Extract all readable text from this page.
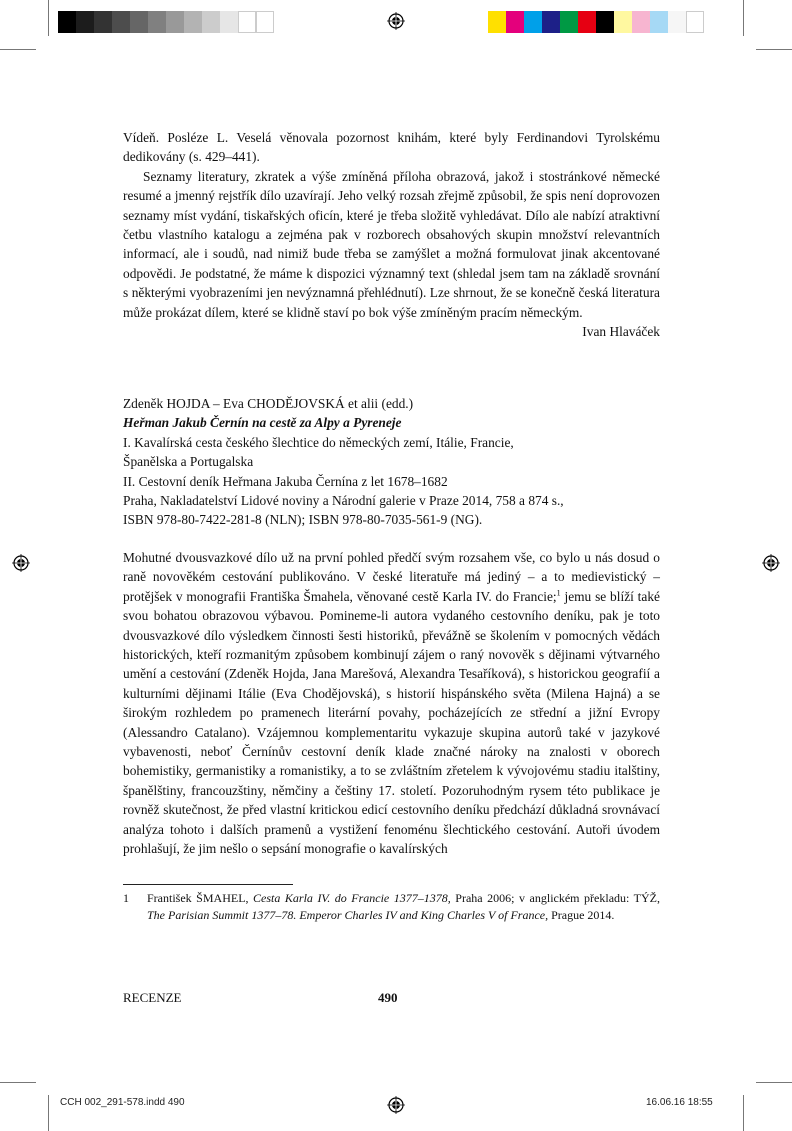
Vídeň. Posléze L. Veselá věnovala pozornost knihám, které byly Ferdinandovi Tyrolskému dedikovány (s. 429–441).

Seznamy literatury, zkratek a výše zmíněná příloha obrazová, jakož i stostránkové německé resumé a jmenný rejstřík dílo uzavírají. Jeho velký rozsah zřejmě způsobil, že spis není doprovozen seznamy míst vydání, tiskařských oficín, které je třeba složitě vyhledávat. Dílo ale nabízí atraktivní četbu vlastního katalogu a zejména pak v rozborech obsahových skupin množství relevantních informací, ale i soudů, nad nimiž bude třeba se zamýšlet a možná formulovat jinak akcentované odpovědi. Je podstatné, že máme k dispozici významný text (shledal jsem tam na základě srovnání s některými vyobrazeními jen nevýznamná přehlédnutí). Lze shrnout, že se konečně česká literatura může prokázat dílem, které se klidně staví po bok výše zmíněným pracím německým.

Ivan Hlaváček

Zdeněk HOJDA – Eva CHODĚJOVSKÁ et alii (edd.)
Heřman Jakub Černín na cestě za Alpy a Pyreneje
I. Kavalírská cesta českého šlechtice do německých zemí, Itálie, Francie,
Španělska a Portugalska
II. Cestovní deník Heřmana Jakuba Černína z let 1678–1682
Praha, Nakladatelství Lidové noviny a Národní galerie v Praze 2014, 758 a 874 s.,
ISBN 978-80-7422-281-8 (NLN); ISBN 978-80-7035-561-9 (NG).

Mohutné dvousvazkové dílo už na první pohled předčí svým rozsahem vše, co bylo u nás dosud o raně novověkém cestování publikováno. V české literatuře má jediný – a to medievistický – protějšek v monografii Františka Šmahela, věnované cestě Karla IV. do Francie;$^1$ jemu se blíží také svou bohatou obrazovou výbavou. Pomineme-li autora vydaného cestovního deníku, pak je toto dvousvazkové dílo výsledkem činnosti šesti historiků, převážně se školením v pomocných vědách historických, kteří rozmanitým způsobem kombinují zájem o raný novověk s dějinami výtvarného umění a cestování (Zdeněk Hojda, Jana Marešová, Alexandra Tesaříková), s historickou geografií a kulturními dějinami Itálie (Eva Chodějovská), s historií hispánského světa (Milena Hajná) a se širokým rozhledem po pramenech literární povahy, pocházejících ze střední a jižní Evropy (Alessandro Catalano). Vzájemnou komplementaritu vykazuje skupina autorů také v jazykové vybavenosti, neboť Černínův cestovní deník klade značné nároky na znalosti v oborech bohemistiky, germanistiky a romanistiky, a to se zvláštním zřetelem k vývojovému stadiu italštiny, španělštiny, francouzštiny, němčiny a češtiny 17. století. Pozoruhodným rysem této publikace je rovněž skutečnost, že před vlastní kritickou edicí cestovního deníku předchází důkladná srovnávací analýza tohoto i dalších pramenů a vystižení fenoménu šlechtického cestování. Autoři úvodem prohlašují, že jim nešlo o sepsání monografie o kavalírských

1 František ŠMAHEL, Cesta Karla IV. do Francie 1377–1378, Praha 2006; v anglickém překladu: TÝŽ, The Parisian Summit 1377–78. Emperor Charles IV and King Charles V of France, Prague 2014.
RECENZE	490
CCH 002_291-578.indd 490	16.06.16 18:55
